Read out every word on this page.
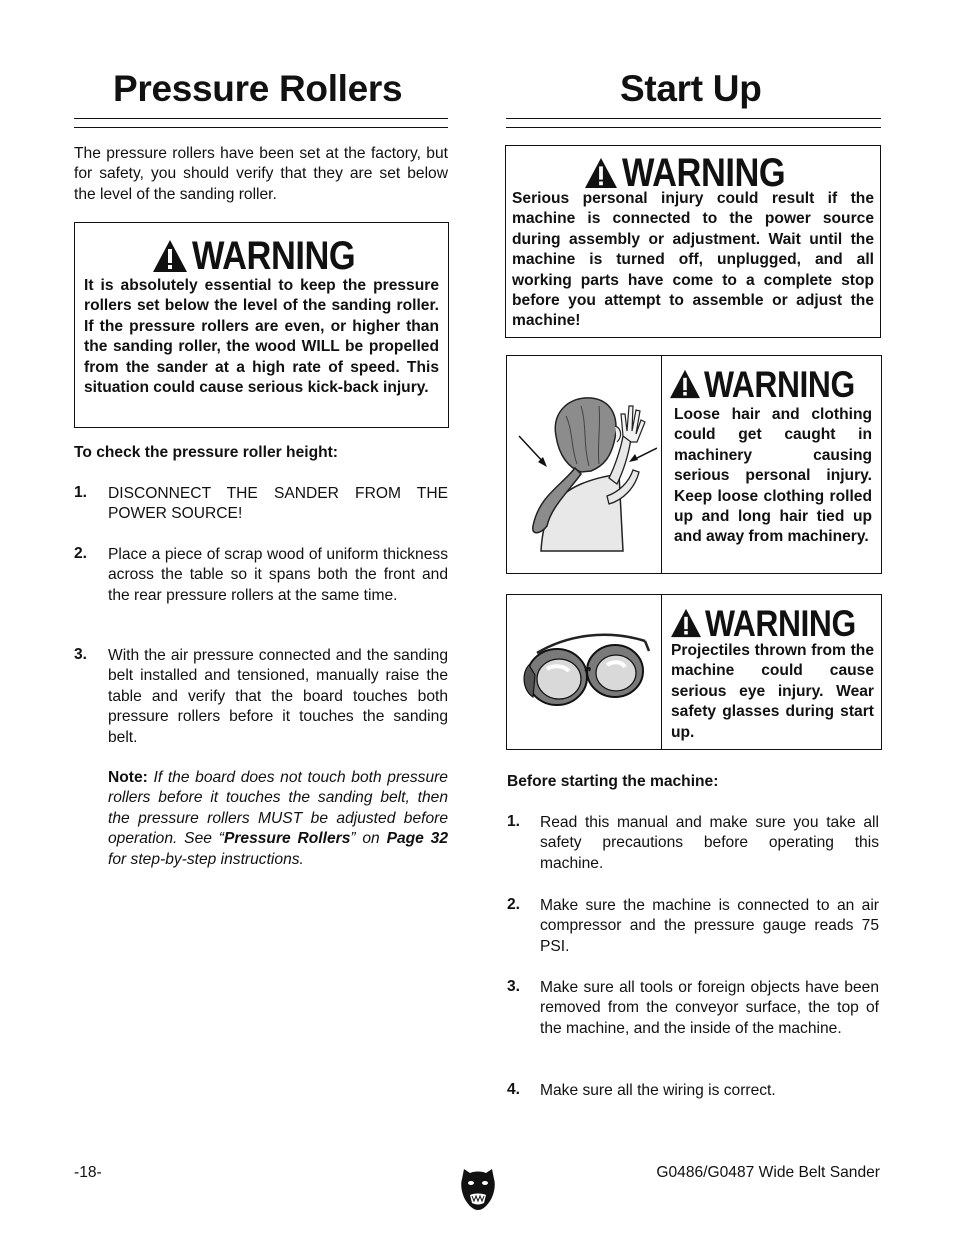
Pressure Rollers
The pressure rollers have been set at the factory, but for safety, you should verify that they are set below the level of the sanding roller.
WARNING
It is absolutely essential to keep the pressure rollers set below the level of the sanding roller. If the pressure rollers are even, or higher than the sanding roller, the wood WILL be propelled from the sander at a high rate of speed. This situation could cause serious kick-back injury.
To check the pressure roller height:
1. DISCONNECT THE SANDER FROM THE POWER SOURCE!
2. Place a piece of scrap wood of uniform thickness across the table so it spans both the front and the rear pressure rollers at the same time.
3. With the air pressure connected and the sanding belt installed and tensioned, manually raise the table and verify that the board touches both pressure rollers before it touches the sanding belt.
Note: If the board does not touch both pressure rollers before it touches the sanding belt, then the pressure rollers MUST be adjusted before operation. See “Pressure Rollers” on Page 32 for step-by-step instructions.
Start Up
WARNING
Serious personal injury could result if the machine is connected to the power source during assembly or adjustment. Wait until the machine is turned off, unplugged, and all working parts have come to a complete stop before you attempt to assemble or adjust the machine!
WARNING
Loose hair and clothing could get caught in machinery causing serious personal injury. Keep loose clothing rolled up and long hair tied up and away from machinery.
WARNING
Projectiles thrown from the machine could cause serious eye injury. Wear safety glasses during start up.
Before starting the machine:
1. Read this manual and make sure you take all safety precautions before operating this machine.
2. Make sure the machine is connected to an air compressor and the pressure gauge reads 75 PSI.
3. Make sure all tools or foreign objects have been removed from the conveyor surface, the top of the machine, and the inside of the machine.
4. Make sure all the wiring is correct.
-18-	G0486/G0487 Wide Belt Sander
